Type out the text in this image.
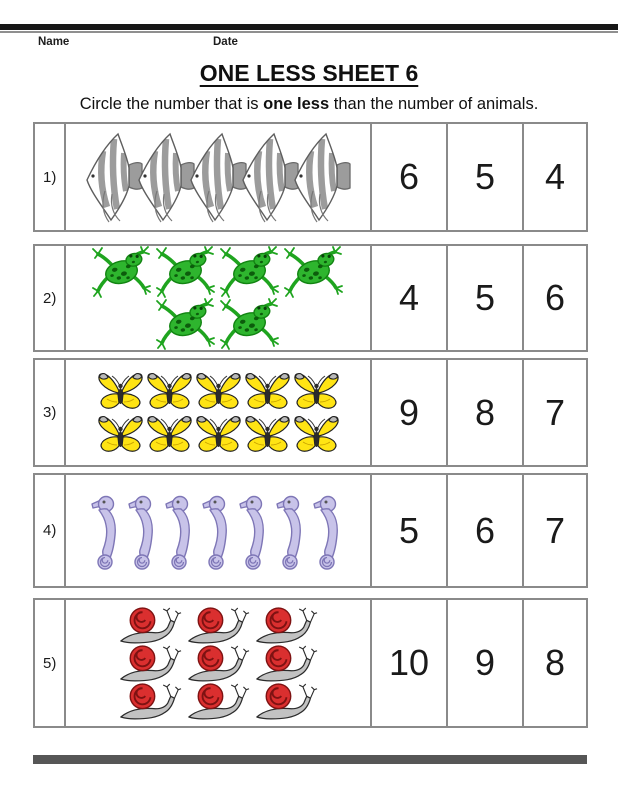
Name	Date
ONE LESS SHEET 6
Circle the number that is one less than the number of animals.
1)	6	5	4
2)	4	5	6
3)	9	8	7
4)	5	6	7
5)	10	9	8
